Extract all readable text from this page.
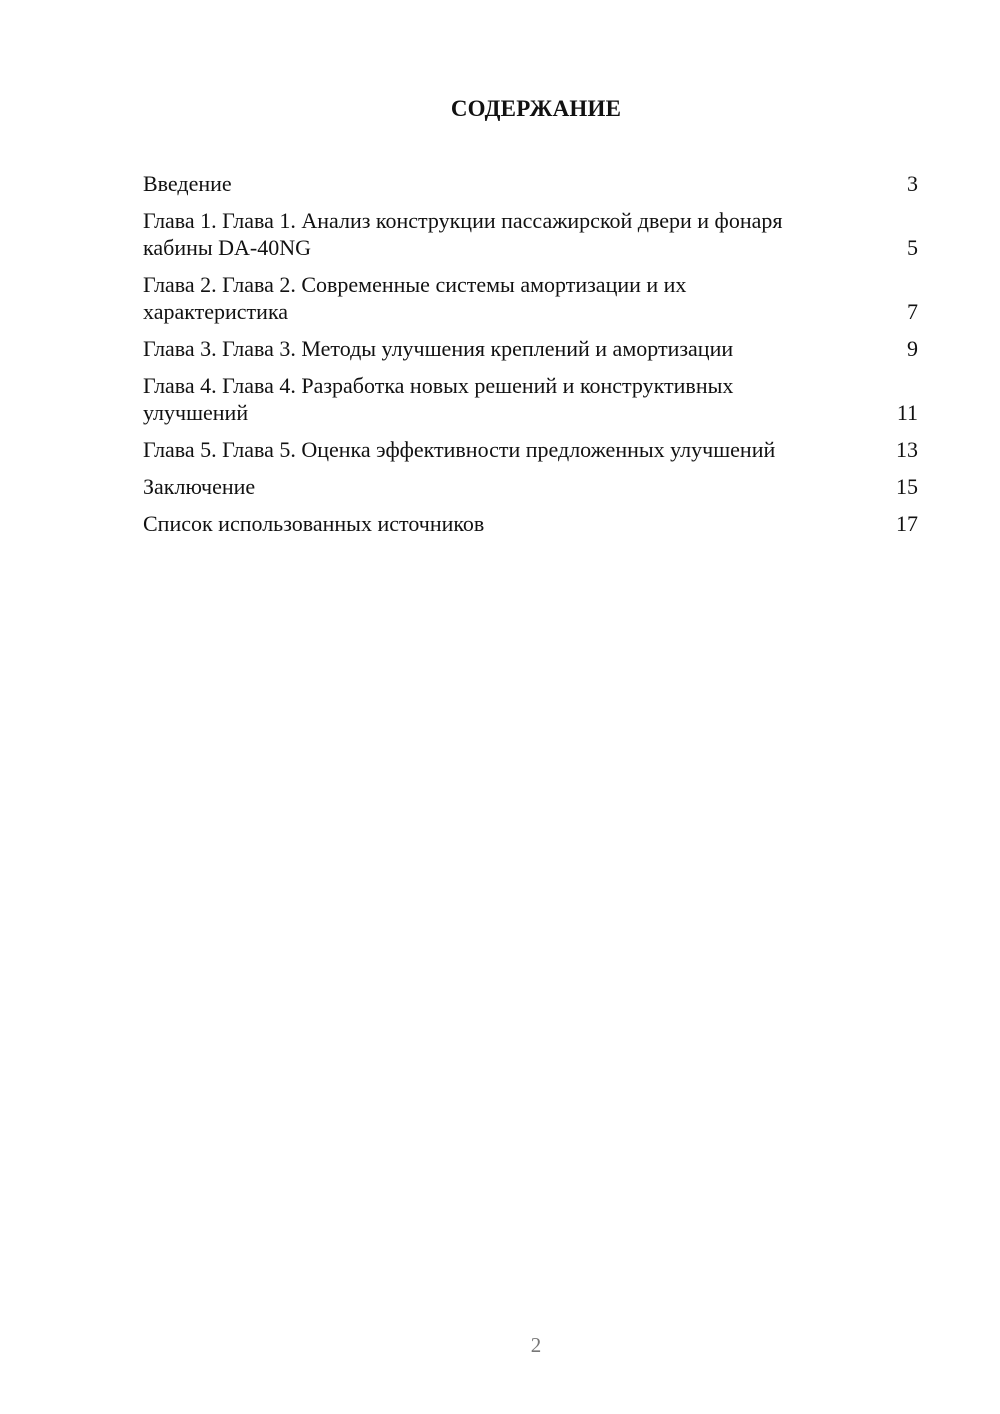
СОДЕРЖАНИЕ
Введение	3
Глава 1. Глава 1. Анализ конструкции пассажирской двери и фонаря кабины DA-40NG	5
Глава 2. Глава 2. Современные системы амортизации и их характеристика	7
Глава 3. Глава 3. Методы улучшения креплений и амортизации	9
Глава 4. Глава 4. Разработка новых решений и конструктивных улучшений	11
Глава 5. Глава 5. Оценка эффективности предложенных улучшений	13
Заключение	15
Список использованных источников	17
2
